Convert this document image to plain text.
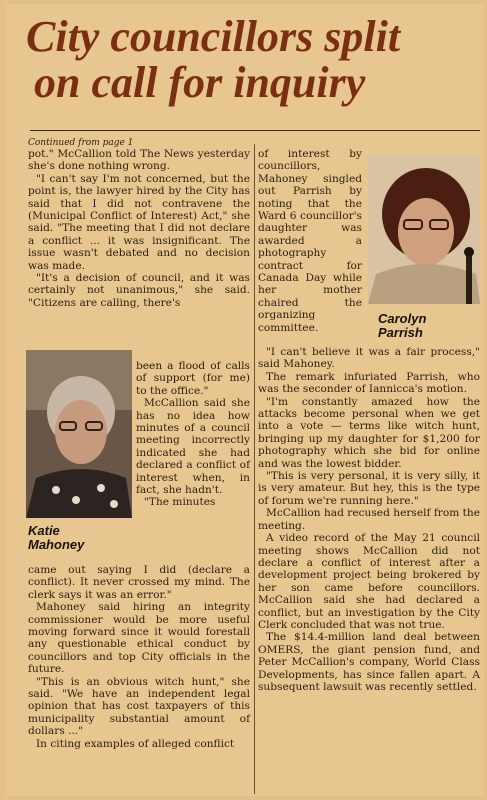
City councillors split

on call for inquiry

Continued from page 1

pot." McCallion told The News yesterday she's done nothing wrong.

"I can't say I'm not concerned, but the point is, the lawyer hired by the City has said that I did not contravene the (Municipal Conflict of Interest) Act," she said. "The meeting that I did not declare a conflict ... it was insignificant. The issue wasn't debated and no decision was made.

"It's a decision of council, and it was certainly not unanimous," she said. "Citizens are calling, there's

Katie
Mahoney

been a flood of calls of support (for me) to the office."

McCallion said she has no idea how minutes of a council meeting incorrectly indicated she had declared a conflict of interest when, in fact, she hadn't.

"The minutes

came out saying I did (declare a conflict). It never crossed my mind. The clerk says it was an error."

Mahoney said hiring an integrity commissioner would be more useful moving forward since it would forestall any questionable ethical conduct by councillors and top City officials in the future.

"This is an obvious witch hunt," she said. "We have an independent legal opinion that has cost taxpayers of this municipality substantial amount of dollars ..."

In citing examples of alleged conflict

of interest by councillors, Mahoney singled out Parrish by noting that the Ward 6 councillor's daughter was awarded a photography contract for Canada Day while her mother chaired the organizing committee.

Carolyn
Parrish

"I can't believe it was a fair process," said Mahoney.

The remark infuriated Parrish, who was the seconder of Iannicca's motion.

"I'm constantly amazed how the attacks become personal when we get into a vote — terms like witch hunt, bringing up my daughter for $1,200 for photography which she bid for online and was the lowest bidder.

"This is very personal, it is very silly, it is very amateur. But hey, this is the type of forum we're running here."

McCallion had recused herself from the meeting.

A video record of the May 21 council meeting shows McCallion did not declare a conflict of interest after a development project being brokered by her son came before councillors. McCallion said she had declared a conflict, but an investigation by the City Clerk concluded that was not true.

The $14.4-million land deal between OMERS, the giant pension fund, and Peter McCallion's company, World Class Developments, has since fallen apart. A subsequent lawsuit was recently settled.
